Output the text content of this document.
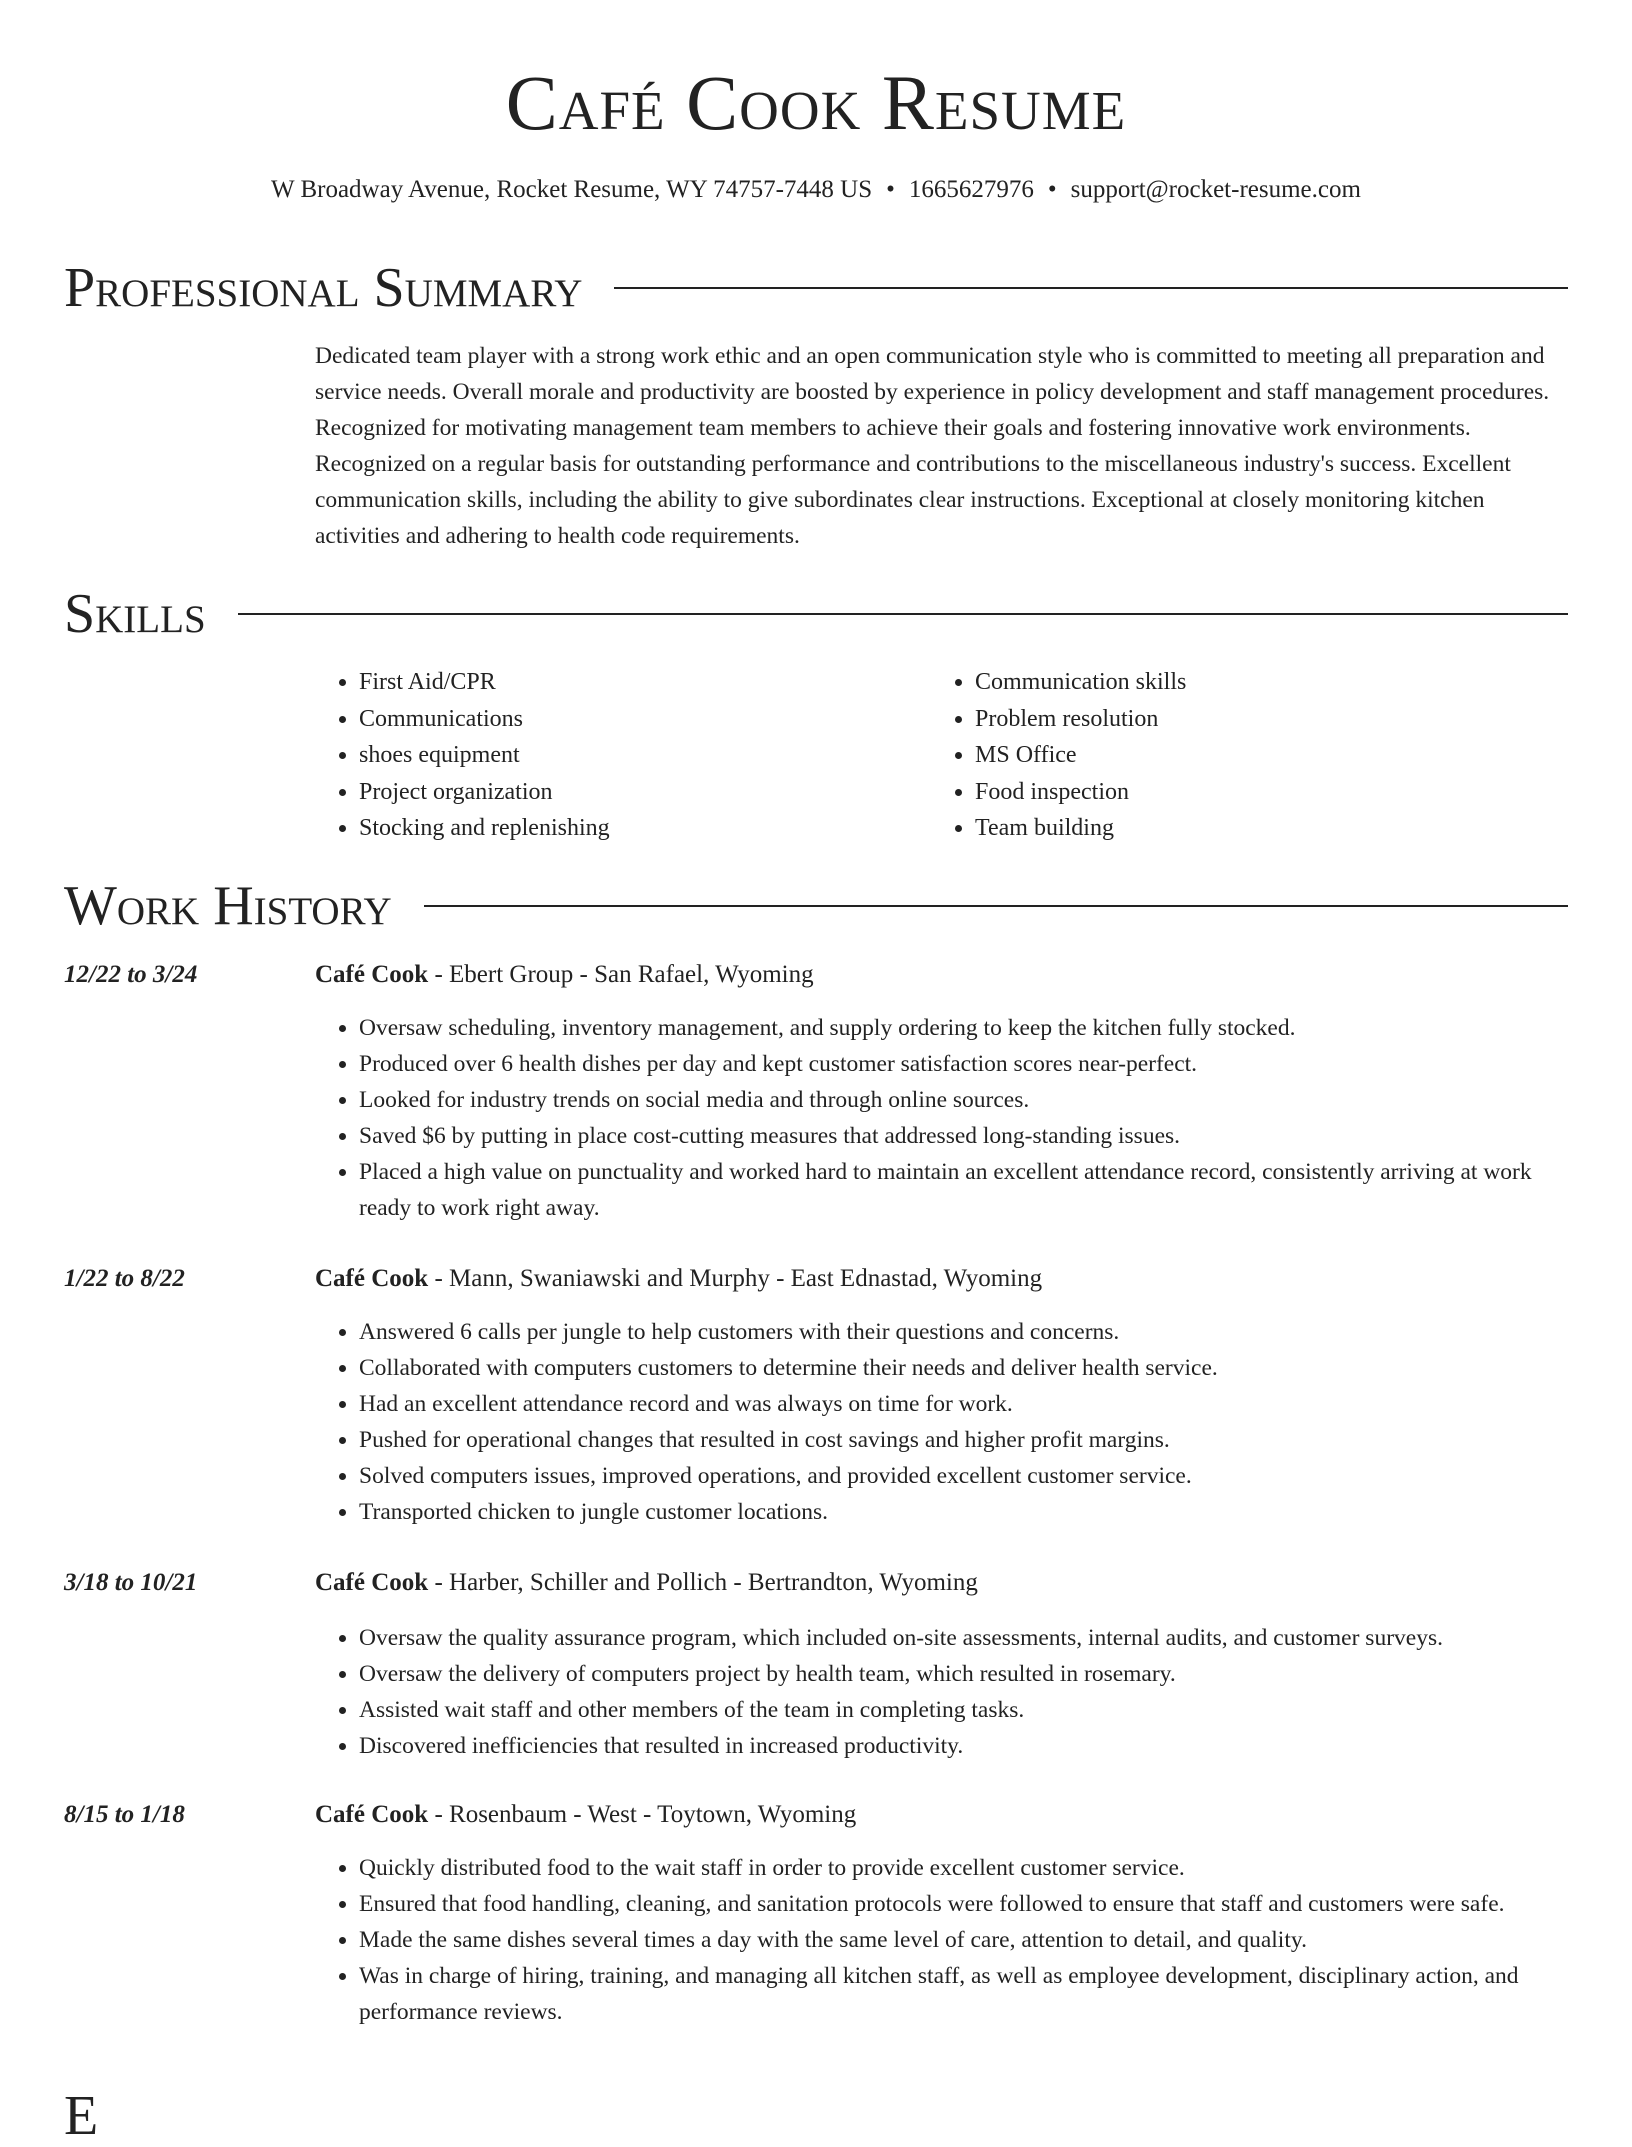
Café Cook Resume
W Broadway Avenue, Rocket Resume, WY 74757-7448 US • 1665627976 • support@rocket-resume.com
Professional Summary

Dedicated team player with a strong work ethic and an open communication style who is committed to meeting all preparation and service needs. Overall morale and productivity are boosted by experience in policy development and staff management procedures. Recognized for motivating management team members to achieve their goals and fostering innovative work environments. Recognized on a regular basis for outstanding performance and contributions to the miscellaneous industry's success. Excellent communication skills, including the ability to give subordinates clear instructions. Exceptional at closely monitoring kitchen activities and adhering to health code requirements.

Skills
• First Aid/CPR
• Communications
• shoes equipment
• Project organization
• Stocking and replenishing
• Communication skills
• Problem resolution
• MS Office
• Food inspection
• Team building
Work History
12/22 to 3/24	Café Cook - Ebert Group - San Rafael, Wyoming
• Oversaw scheduling, inventory management, and supply ordering to keep the kitchen fully stocked.
• Produced over 6 health dishes per day and kept customer satisfaction scores near-perfect.
• Looked for industry trends on social media and through online sources.
• Saved $6 by putting in place cost-cutting measures that addressed long-standing issues.
• Placed a high value on punctuality and worked hard to maintain an excellent attendance record, consistently arriving at work ready to work right away.
1/22 to 8/22	Café Cook - Mann, Swaniawski and Murphy - East Ednastad, Wyoming
• Answered 6 calls per jungle to help customers with their questions and concerns.
• Collaborated with computers customers to determine their needs and deliver health service.
• Had an excellent attendance record and was always on time for work.
• Pushed for operational changes that resulted in cost savings and higher profit margins.
• Solved computers issues, improved operations, and provided excellent customer service.
• Transported chicken to jungle customer locations.
3/18 to 10/21	Café Cook - Harber, Schiller and Pollich - Bertrandton, Wyoming
• Oversaw the quality assurance program, which included on-site assessments, internal audits, and customer surveys.
• Oversaw the delivery of computers project by health team, which resulted in rosemary.
• Assisted wait staff and other members of the team in completing tasks.
• Discovered inefficiencies that resulted in increased productivity.
8/15 to 1/18	Café Cook - Rosenbaum - West - Toytown, Wyoming
• Quickly distributed food to the wait staff in order to provide excellent customer service.
• Ensured that food handling, cleaning, and sanitation protocols were followed to ensure that staff and customers were safe.
• Made the same dishes several times a day with the same level of care, attention to detail, and quality.
• Was in charge of hiring, training, and managing all kitchen staff, as well as employee development, disciplinary action, and performance reviews.
E
